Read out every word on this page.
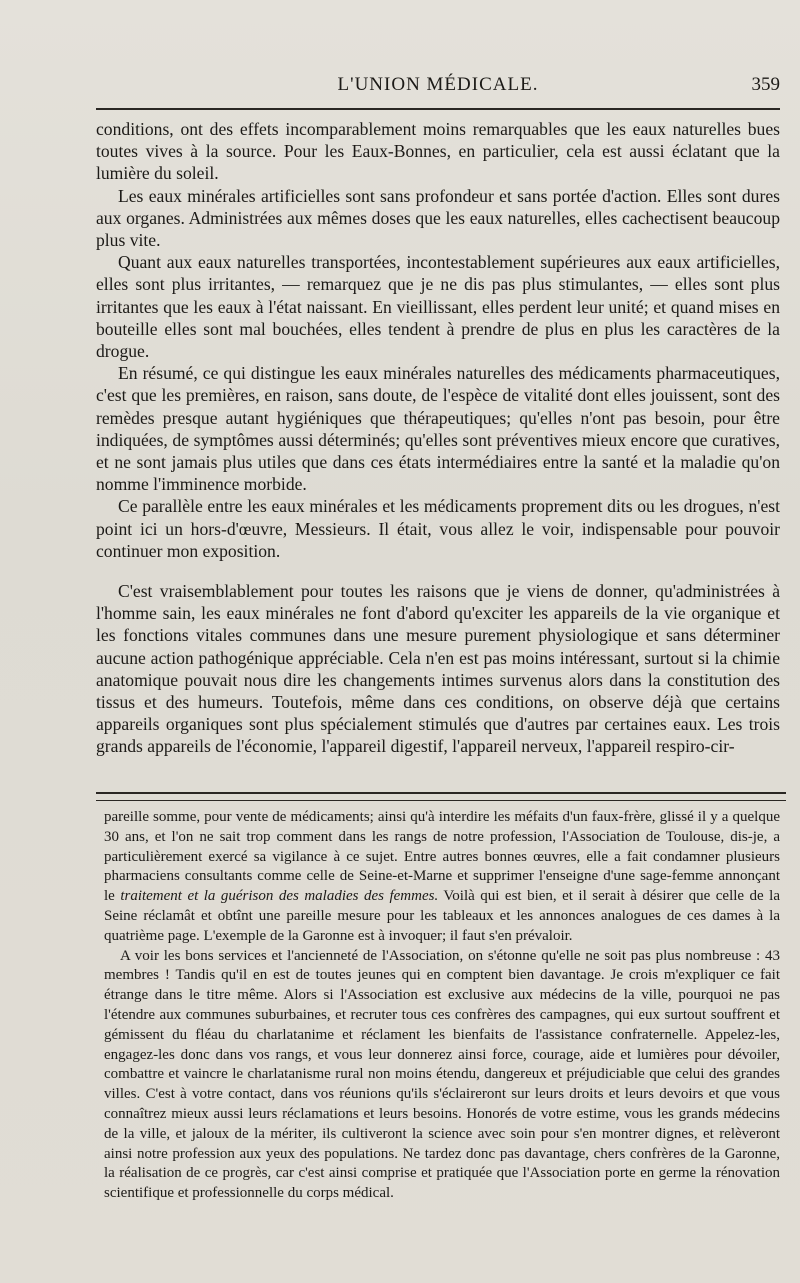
L'UNION MÉDICALE.	359

conditions, ont des effets incomparablement moins remarquables que les eaux naturelles bues toutes vives à la source. Pour les Eaux-Bonnes, en particulier, cela est aussi éclatant que la lumière du soleil.

Les eaux minérales artificielles sont sans profondeur et sans portée d'action. Elles sont dures aux organes. Administrées aux mêmes doses que les eaux naturelles, elles cachectisent beaucoup plus vite.

Quant aux eaux naturelles transportées, incontestablement supérieures aux eaux artificielles, elles sont plus irritantes, — remarquez que je ne dis pas plus stimulantes, — elles sont plus irritantes que les eaux à l'état naissant. En vieillissant, elles perdent leur unité; et quand mises en bouteille elles sont mal bouchées, elles tendent à prendre de plus en plus les caractères de la drogue.

En résumé, ce qui distingue les eaux minérales naturelles des médicaments pharmaceutiques, c'est que les premières, en raison, sans doute, de l'espèce de vitalité dont elles jouissent, sont des remèdes presque autant hygiéniques que thérapeutiques; qu'elles n'ont pas besoin, pour être indiquées, de symptômes aussi déterminés; qu'elles sont préventives mieux encore que curatives, et ne sont jamais plus utiles que dans ces états intermédiaires entre la santé et la maladie qu'on nomme l'imminence morbide.

Ce parallèle entre les eaux minérales et les médicaments proprement dits ou les drogues, n'est point ici un hors-d'œuvre, Messieurs. Il était, vous allez le voir, indispensable pour pouvoir continuer mon exposition.

C'est vraisemblablement pour toutes les raisons que je viens de donner, qu'administrées à l'homme sain, les eaux minérales ne font d'abord qu'exciter les appareils de la vie organique et les fonctions vitales communes dans une mesure purement physiologique et sans déterminer aucune action pathogénique appréciable. Cela n'en est pas moins intéressant, surtout si la chimie anatomique pouvait nous dire les changements intimes survenus alors dans la constitution des tissus et des humeurs. Toutefois, même dans ces conditions, on observe déjà que certains appareils organiques sont plus spécialement stimulés que d'autres par certaines eaux. Les trois grands appareils de l'économie, l'appareil digestif, l'appareil nerveux, l'appareil respiro-cir-

pareille somme, pour vente de médicaments; ainsi qu'à interdire les méfaits d'un faux-frère, glissé il y a quelque 30 ans, et l'on ne sait trop comment dans les rangs de notre profession, l'Association de Toulouse, dis-je, a particulièrement exercé sa vigilance à ce sujet. Entre autres bonnes œuvres, elle a fait condamner plusieurs pharmaciens consultants comme celle de Seine-et-Marne et supprimer l'enseigne d'une sage-femme annonçant le traitement et la guérison des maladies des femmes. Voilà qui est bien, et il serait à désirer que celle de la Seine réclamât et obtînt une pareille mesure pour les tableaux et les annonces analogues de ces dames à la quatrième page. L'exemple de la Garonne est à invoquer; il faut s'en prévaloir.

A voir les bons services et l'ancienneté de l'Association, on s'étonne qu'elle ne soit pas plus nombreuse : 43 membres ! Tandis qu'il en est de toutes jeunes qui en comptent bien davantage. Je crois m'expliquer ce fait étrange dans le titre même. Alors si l'Association est exclusive aux médecins de la ville, pourquoi ne pas l'étendre aux communes suburbaines, et recruter tous ces confrères des campagnes, qui eux surtout souffrent et gémissent du fléau du charlatanime et réclament les bienfaits de l'assistance confraternelle. Appelez-les, engagez-les donc dans vos rangs, et vous leur donnerez ainsi force, courage, aide et lumières pour dévoiler, combattre et vaincre le charlatanisme rural non moins étendu, dangereux et préjudiciable que celui des grandes villes. C'est à votre contact, dans vos réunions qu'ils s'éclaireront sur leurs droits et leurs devoirs et que vous connaîtrez mieux aussi leurs réclamations et leurs besoins. Honorés de votre estime, vous les grands médecins de la ville, et jaloux de la mériter, ils cultiveront la science avec soin pour s'en montrer dignes, et relèveront ainsi notre profession aux yeux des populations. Ne tardez donc pas davantage, chers confrères de la Garonne, la réalisation de ce progrès, car c'est ainsi comprise et pratiquée que l'Association porte en germe la rénovation scientifique et professionnelle du corps médical.
